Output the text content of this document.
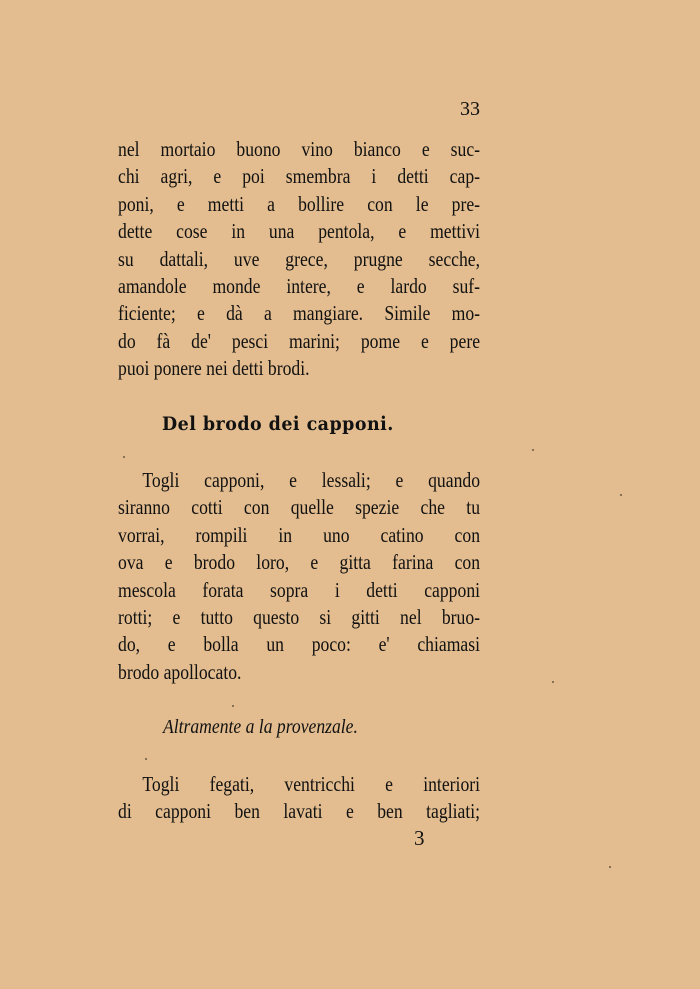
33
nel mortaio buono vino bianco e suc-
chi agri, e poi smembra i detti cap-
poni, e metti a bollire con le pre-
dette cose in una pentola, e mettivi
su dattali, uve grece, prugne secche,
amandole monde intere, e lardo suf-
ficiente; e dà a mangiare. Simile mo-
do fà de' pesci marini; pome e pere
puoi ponere nei detti brodi.
Del brodo dei capponi.
Togli capponi, e lessali; e quando
siranno cotti con quelle spezie che tu
vorrai, rompili in uno catino con
ova e brodo loro, e gitta farina con
mescola forata sopra i detti capponi
rotti; e tutto questo si gitti nel bruo-
do, e bolla un poco: e' chiamasi
brodo apollocato.
Altramente a la provenzale.
Togli fegati, ventricchi e interiori
di capponi ben lavati e ben tagliati;
3
